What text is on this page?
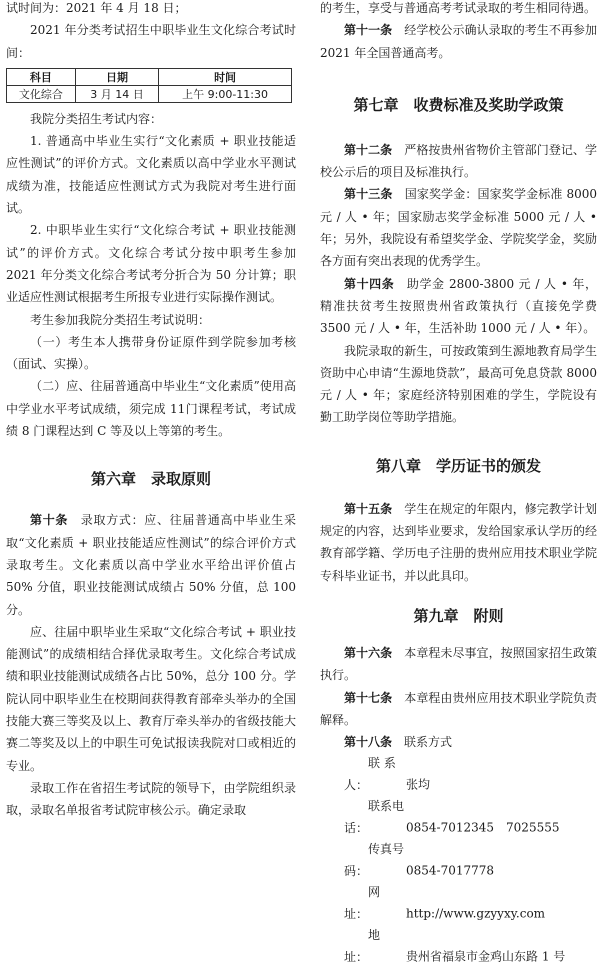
试时间为：2021 年 4 月 18 日；

2021 年分类考试招生中职毕业生文化综合考试时间：

科目	日期	时间
文化综合	3 月 14 日	上午 9:00-11:30

我院分类招生考试内容：

1. 普通高中毕业生实行“文化素质 + 职业技能适应性测试”的评价方式。文化素质以高中学业水平测试成绩为准，技能适应性测试方式为我院对考生进行面试。

2. 中职毕业生实行“文化综合考试 + 职业技能测试”的评价方式。文化综合考试分按中职考生参加 2021 年分类文化综合考试考分折合为 50 分计算；职业适应性测试根据考生所报专业进行实际操作测试。

考生参加我院分类招生考试说明：

（一）考生本人携带身份证原件到学院参加考核（面试、实操）。

（二）应、往届普通高中毕业生“文化素质”使用高中学业水平考试成绩，须完成 11门课程考试，考试成绩 8 门课程达到 C 等及以上等第的考生。

第六章　录取原则

第十条　 录取方式：应、往届普通高中毕业生采取“文化素质 + 职业技能适应性测试”的综合评价方式录取考生。文化素质以高中学业水平给出评价值占 50% 分值，职业技能测试成绩占 50% 分值，总 100 分。

应、往届中职毕业生采取“文化综合考试 + 职业技能测试”的成绩相结合择优录取考生。文化综合考试成绩和职业技能测试成绩各占比 50%，总分 100 分。学院认同中职毕业生在校期间获得教育部牵头举办的全国技能大赛三等奖及以上、教育厅牵头举办的省级技能大赛二等奖及以上的中职生可免试报读我院对口或相近的专业。

录取工作在省招生考试院的领导下，由学院组织录取，录取名单报省考试院审核公示。确定录取

的考生，享受与普通高考考试录取的考生相同待遇。

第十一条　 经学校公示确认录取的考生不再参加 2021 年全国普通高考。

第七章　收费标准及奖助学政策

第十二条　 严格按贵州省物价主管部门登记、学校公示后的项目及标准执行。

第十三条　 国家奖学金：国家奖学金标准 8000 元 / 人 • 年；国家励志奖学金标准 5000 元 / 人 • 年；另外，我院设有希望奖学金、学院奖学金，奖励各方面有突出表现的优秀学生。

第十四条　 助学金 2800-3800 元 / 人 • 年，精准扶贫考生按照贵州省政策执行（直接免学费 3500 元 / 人 • 年，生活补助 1000 元 / 人 • 年）。

我院录取的新生，可按政策到生源地教育局学生资助中心申请“生源地贷款”，最高可免息贷款 8000 元 / 人 • 年；家庭经济特别困难的学生，学院设有勤工助学岗位等助学措施。

第八章　学历证书的颁发

第十五条　 学生在规定的年限内，修完教学计划规定的内容，达到毕业要求，发给国家承认学历的经教育部学籍、学历电子注册的贵州应用技术职业学院专科毕业证书，并以此具印。

第九章　附则

第十六条　 本章程未尽事宜，按照国家招生政策执行。

第十七条　 本章程由贵州应用技术职业学院负责解释。

第十八条　 联系方式

联 系 人：	张均

联系电话：	0854-7012345　7025555

传真号码：	0854-7017778

网　　址：	http://www.gzyyxy.com

地　　址：	贵州省福泉市金鸡山东路 1 号
